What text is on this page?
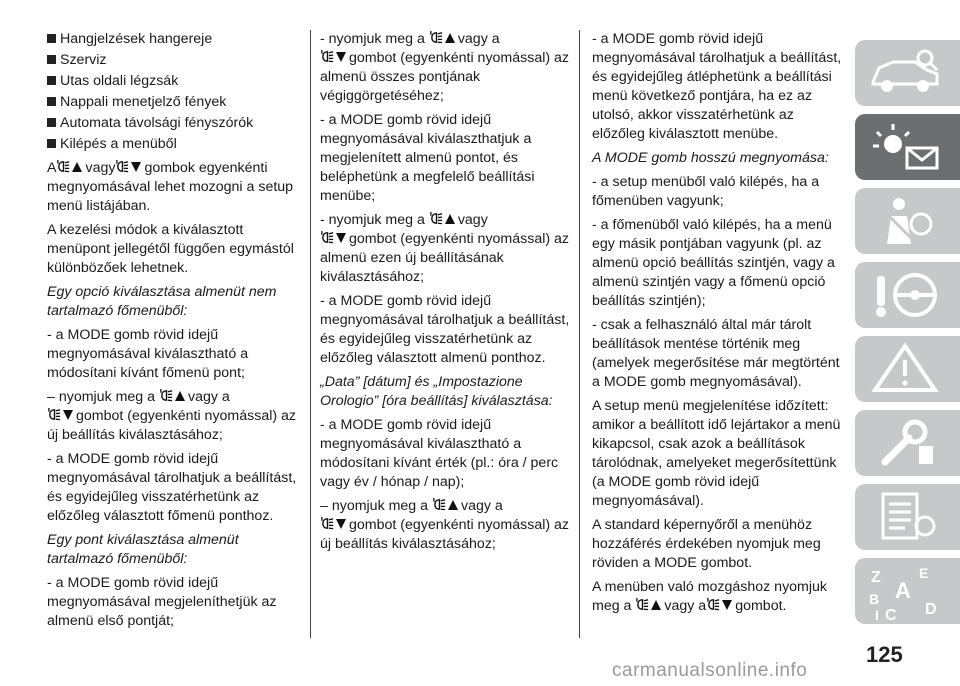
Hangjelzések hangereje
Szerviz
Utas oldali légzsák
Nappali menetjelző fények
Automata távolsági fényszórók
Kilépés a menüből

A vagy gombok egyenkénti megnyomásával lehet mozogni a setup menü listájában.

A kezelési módok a kiválasztott menüpont jellegétől függően egymástól különbözőek lehetnek.

Egy opció kiválasztása almenüt nem tartalmazó főmenüből:

- a MODE gomb rövid idejű megnyomásával kiválasztható a módosítani kívánt főmenü pont;

– nyomjuk meg a vagy a
gombot (egyenkénti nyomással) az új beállítás kiválasztásához;

- a MODE gomb rövid idejű megnyomásával tárolhatjuk a beállítást, és egyidejűleg visszatérhetünk az előzőleg választott főmenü ponthoz.

Egy pont kiválasztása almenüt tartalmazó főmenüből:

- a MODE gomb rövid idejű megnyomásával megjeleníthetjük az almenü első pontját;

- nyomjuk meg a vagy a
gombot (egyenkénti nyomással) az almenü összes pontjának végiggörgetéséhez;

- a MODE gomb rövid idejű megnyomásával kiválaszthatjuk a megjelenített almenü pontot, és beléphetünk a megfelelő beállítási menübe;

- nyomjuk meg a vagy
gombot (egyenkénti nyomással) az almenü ezen új beállításának kiválasztásához;

- a MODE gomb rövid idejű megnyomásával tárolhatjuk a beállítást, és egyidejűleg visszatérhetünk az előzőleg választott almenü ponthoz.

„Data” [dátum] és „Impostazione Orologio” [óra beállítás] kiválasztása:

- a MODE gomb rövid idejű megnyomásával kiválasztható a módosítani kívánt érték (pl.: óra / perc vagy év / hónap / nap);

– nyomjuk meg a vagy a
gombot (egyenkénti nyomással) az új beállítás kiválasztásához;

- a MODE gomb rövid idejű megnyomásával tárolhatjuk a beállítást, és egyidejűleg átléphetünk a beállítási menü következő pontjára, ha ez az utolsó, akkor visszatérhetünk az előzőleg kiválasztott menübe.

A MODE gomb hosszú megnyomása:

- a setup menüből való kilépés, ha a főmenüben vagyunk;

- a főmenüből való kilépés, ha a menü egy másik pontjában vagyunk (pl. az almenü opció beállítás szintjén, vagy a almenü szintjén vagy a főmenü opció beállítás szintjén);

- csak a felhasználó által már tárolt beállítások mentése történik meg (amelyek megerősítése már megtörtént a MODE gomb megnyomásával).

A setup menü megjelenítése időzített: amikor a beállított idő lejártakor a menü kikapcsol, csak azok a beállítások tárolódnak, amelyeket megerősítettünk (a MODE gomb rövid idejű megnyomásával).

A standard képernyőről a menühöz hozzáférés érdekében nyomjuk meg röviden a MODE gombot.

A menüben való mozgáshoz nyomjuk
meg a vagy a gombot.

Z	E
A
B
C D
I
125
carmanualsonline.info
